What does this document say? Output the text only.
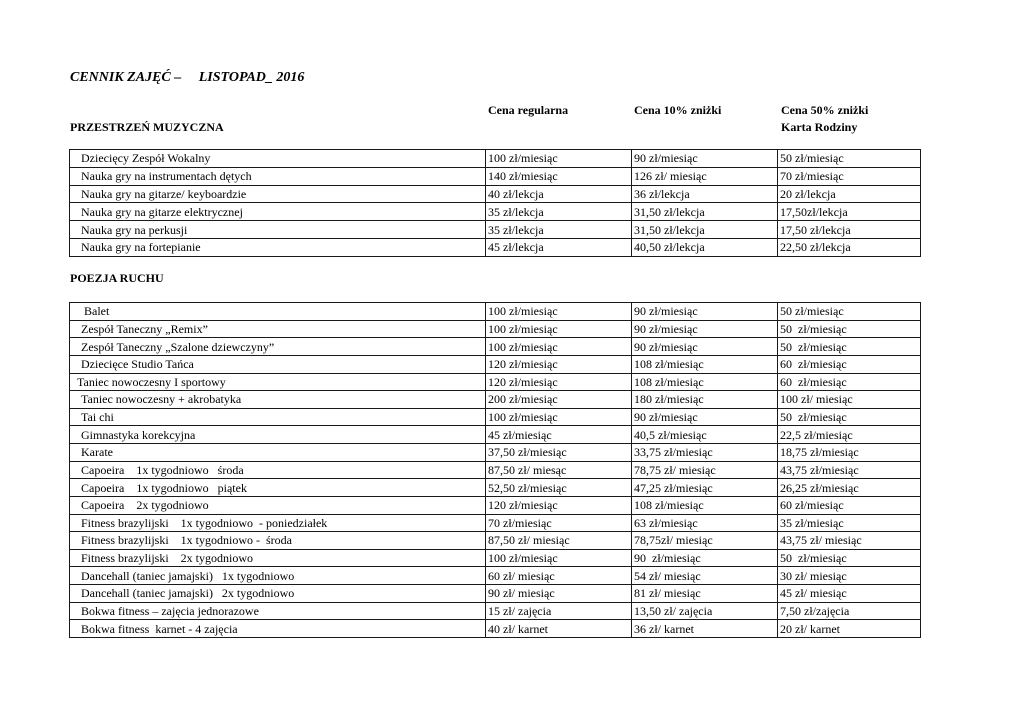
CENNIK ZAJĘĆ –     LISTOPAD_ 2016
Cena regularna	Cena 10% zniżki	Cena 50% zniżki
Karta Rodziny
PRZESTRZEŃ MUZYCZNA
Dziecięcy Zespół Wokalny	100 zł/miesiąc	90 zł/miesiąc	50 zł/miesiąc
Nauka gry na instrumentach dętych	140 zł/miesiąc	126 zł/ miesiąc	70 zł/miesiąc
Nauka gry na gitarze/ keyboardzie	40 zł/lekcja	36 zł/lekcja	20 zł/lekcja
Nauka gry na gitarze elektrycznej	35 zł/lekcja	31,50 zł/lekcja	17,50zł/lekcja
Nauka gry na perkusji	35 zł/lekcja	31,50 zł/lekcja	17,50 zł/lekcja
Nauka gry na fortepianie	45 zł/lekcja	40,50 zł/lekcja	22,50 zł/lekcja
POEZJA RUCHU
Balet	100 zł/miesiąc	90 zł/miesiąc	50 zł/miesiąc
Zespół Taneczny „Remix”	100 zł/miesiąc	90 zł/miesiąc	50  zł/miesiąc
Zespół Taneczny „Szalone dziewczyny”	100 zł/miesiąc	90 zł/miesiąc	50  zł/miesiąc
Dziecięce Studio Tańca	120 zł/miesiąc	108 zł/miesiąc	60  zł/miesiąc
Taniec nowoczesny I sportowy	120 zł/miesiąc	108 zł/miesiąc	60  zł/miesiąc
Taniec nowoczesny + akrobatyka	200 zł/miesiąc	180 zł/miesiąc	100 zł/ miesiąc
Tai chi	100 zł/miesiąc	90 zł/miesiąc	50  zł/miesiąc
Gimnastyka korekcyjna	45 zł/miesiąc	40,5 zł/miesiąc	22,5 zł/miesiąc
Karate	37,50 zł/miesiąc	33,75 zł/miesiąc	18,75 zł/miesiąc
Capoeira    1x tygodniowo   środa	87,50 zł/ miesąc	78,75 zł/ miesiąc	43,75 zł/miesiąc
Capoeira    1x tygodniowo   piątek	52,50 zł/miesiąc	47,25 zł/miesiąc	26,25 zł/miesiąc
Capoeira    2x tygodniowo	120 zł/miesiąc	108 zł/miesiąc	60 zł/miesiąc
Fitness brazylijski    1x tygodniowo  - poniedziałek	70 zł/miesiąc	63 zł/miesiąc	35 zł/miesiąc
Fitness brazylijski    1x tygodniowo -  środa	87,50 zł/ miesiąc	78,75zł/ miesiąc	43,75 zł/ miesiąc
Fitness brazylijski    2x tygodniowo	100 zł/miesiąc	90  zł/miesiąc	50  zł/miesiąc
Dancehall (taniec jamajski)   1x tygodniowo	60 zł/ miesiąc	54 zł/ miesiąc	30 zł/ miesiąc
Dancehall (taniec jamajski)   2x tygodniowo	90 zł/ miesiąc	81 zł/ miesiąc	45 zł/ miesiąc
Bokwa fitness – zajęcia jednorazowe	15 zł/ zajęcia	13,50 zł/ zajęcia	7,50 zł/zajęcia
Bokwa fitness  karnet - 4 zajęcia	40 zł/ karnet	36 zł/ karnet	20 zł/ karnet
